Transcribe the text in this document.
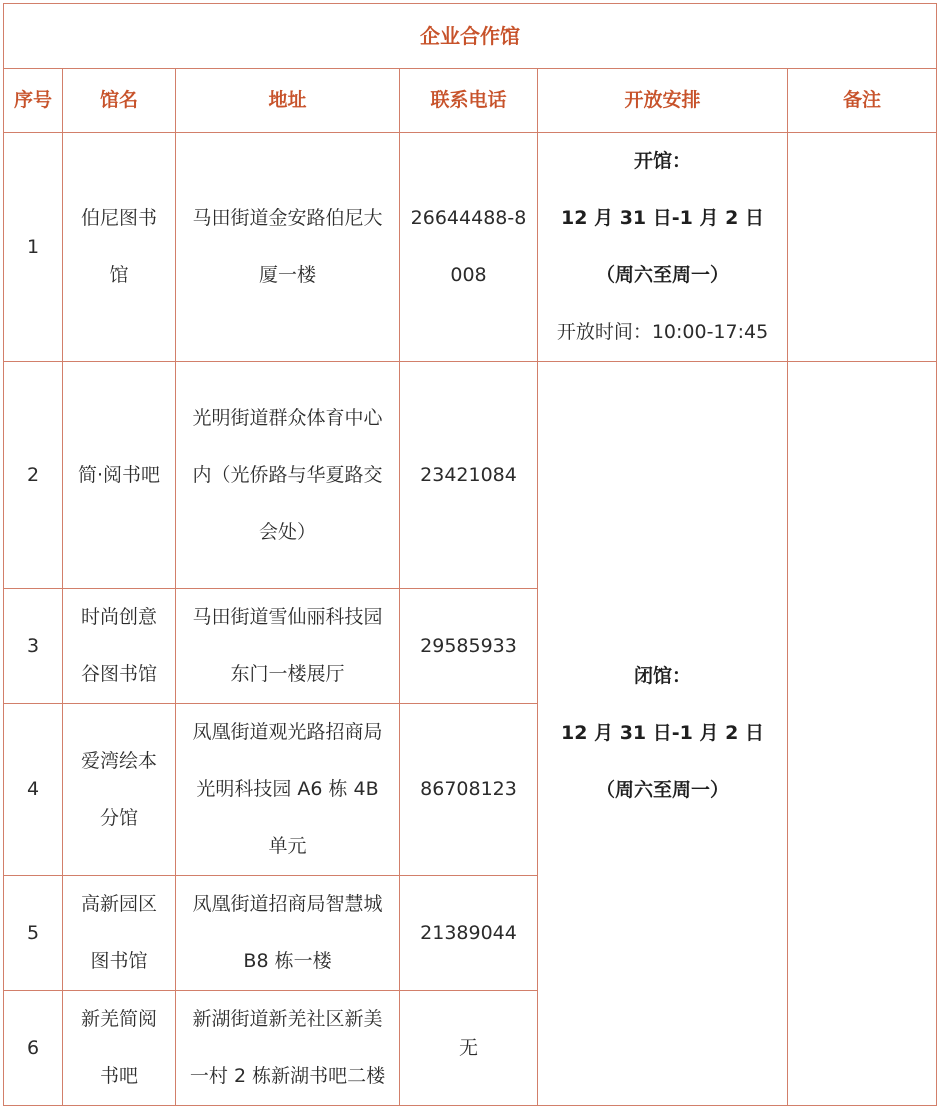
企业合作馆					
序号	馆名	地址	联系电话	开放安排	备注
1	伯尼图书馆	马田街道金安路伯尼大厦一楼	26644488-8008	开馆：
12 月 31 日-1 月 2 日
（周六至周一）
开放时间：10:00-17:45	

2	简·阅书吧	光明街道群众体育中心内（光侨路与华夏路交会处）	23421084	闭馆：
12 月 31 日-1 月 2 日
（周六至周一）	

3	时尚创意谷图书馆	马田街道雪仙丽科技园东门一楼展厅	29585933		
4	爱湾绘本分馆	凤凰街道观光路招商局光明科技园 A6 栋 4B 单元	86708123		
5	高新园区图书馆	凤凰街道招商局智慧城 B8 栋一楼	21389044		
6	新羌简阅书吧	新湖街道新羌社区新美一村 2 栋新湖书吧二楼	无		
